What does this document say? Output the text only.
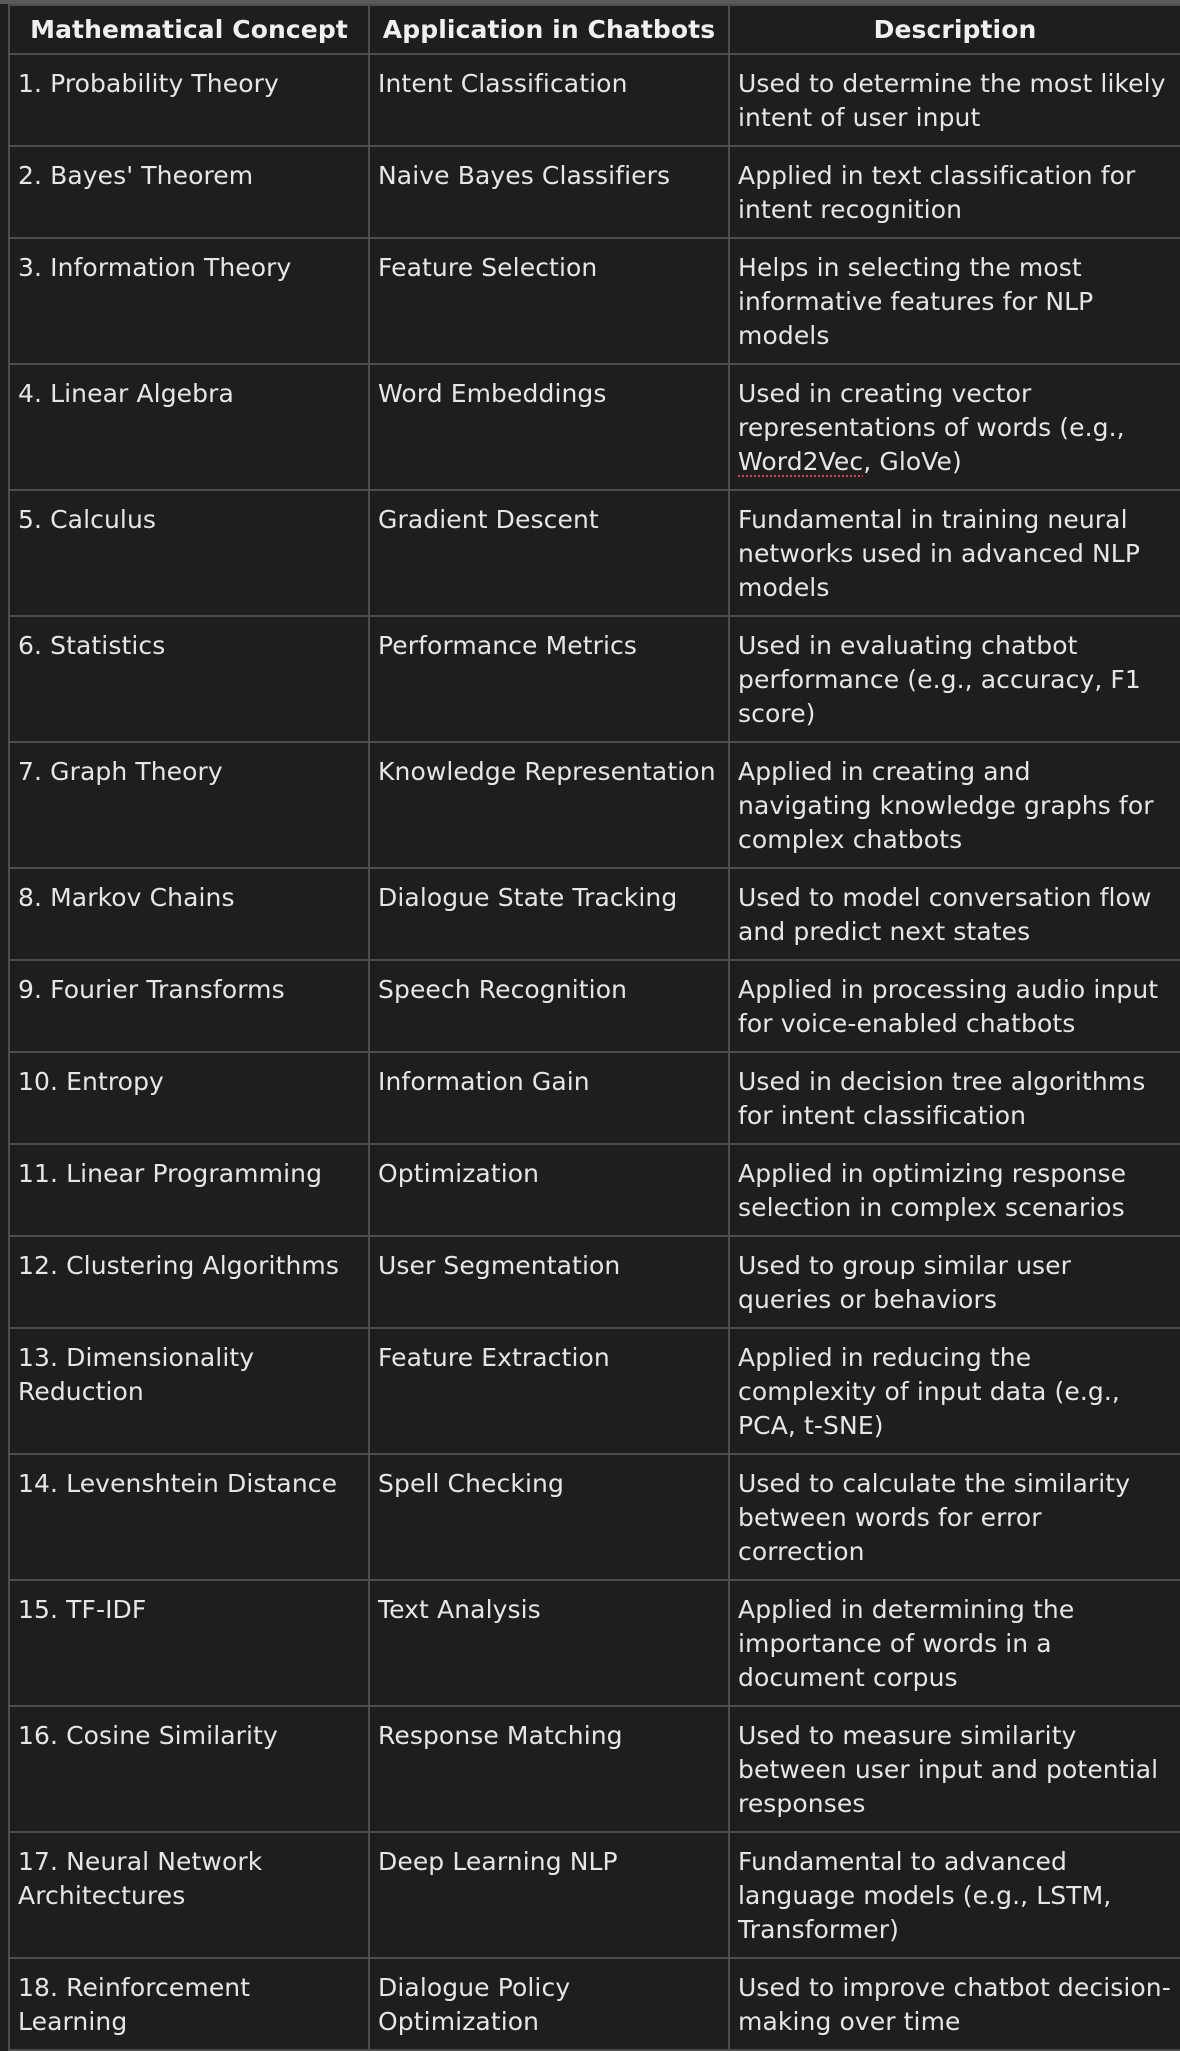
Mathematical Concept	Application in Chatbots	Description
1. Probability Theory	Intent Classification	Used to determine the most likely intent of user input
2. Bayes' Theorem	Naive Bayes Classifiers	Applied in text classification for intent recognition
3. Information Theory	Feature Selection	Helps in selecting the most informative features for NLP models
4. Linear Algebra	Word Embeddings	Used in creating vector representations of words (e.g., Word2Vec, GloVe)
5. Calculus	Gradient Descent	Fundamental in training neural networks used in advanced NLP models
6. Statistics	Performance Metrics	Used in evaluating chatbot performance (e.g., accuracy, F1 score)
7. Graph Theory	Knowledge Representation	Applied in creating and navigating knowledge graphs for complex chatbots
8. Markov Chains	Dialogue State Tracking	Used to model conversation flow and predict next states
9. Fourier Transforms	Speech Recognition	Applied in processing audio input for voice-enabled chatbots
10. Entropy	Information Gain	Used in decision tree algorithms for intent classification
11. Linear Programming	Optimization	Applied in optimizing response selection in complex scenarios
12. Clustering Algorithms	User Segmentation	Used to group similar user queries or behaviors
13. Dimensionality Reduction	Feature Extraction	Applied in reducing the complexity of input data (e.g., PCA, t-SNE)
14. Levenshtein Distance	Spell Checking	Used to calculate the similarity between words for error correction
15. TF-IDF	Text Analysis	Applied in determining the importance of words in a document corpus
16. Cosine Similarity	Response Matching	Used to measure similarity between user input and potential responses
17. Neural Network Architectures	Deep Learning NLP	Fundamental to advanced language models (e.g., LSTM, Transformer)
18. Reinforcement Learning	Dialogue Policy Optimization	Used to improve chatbot decision-making over time
